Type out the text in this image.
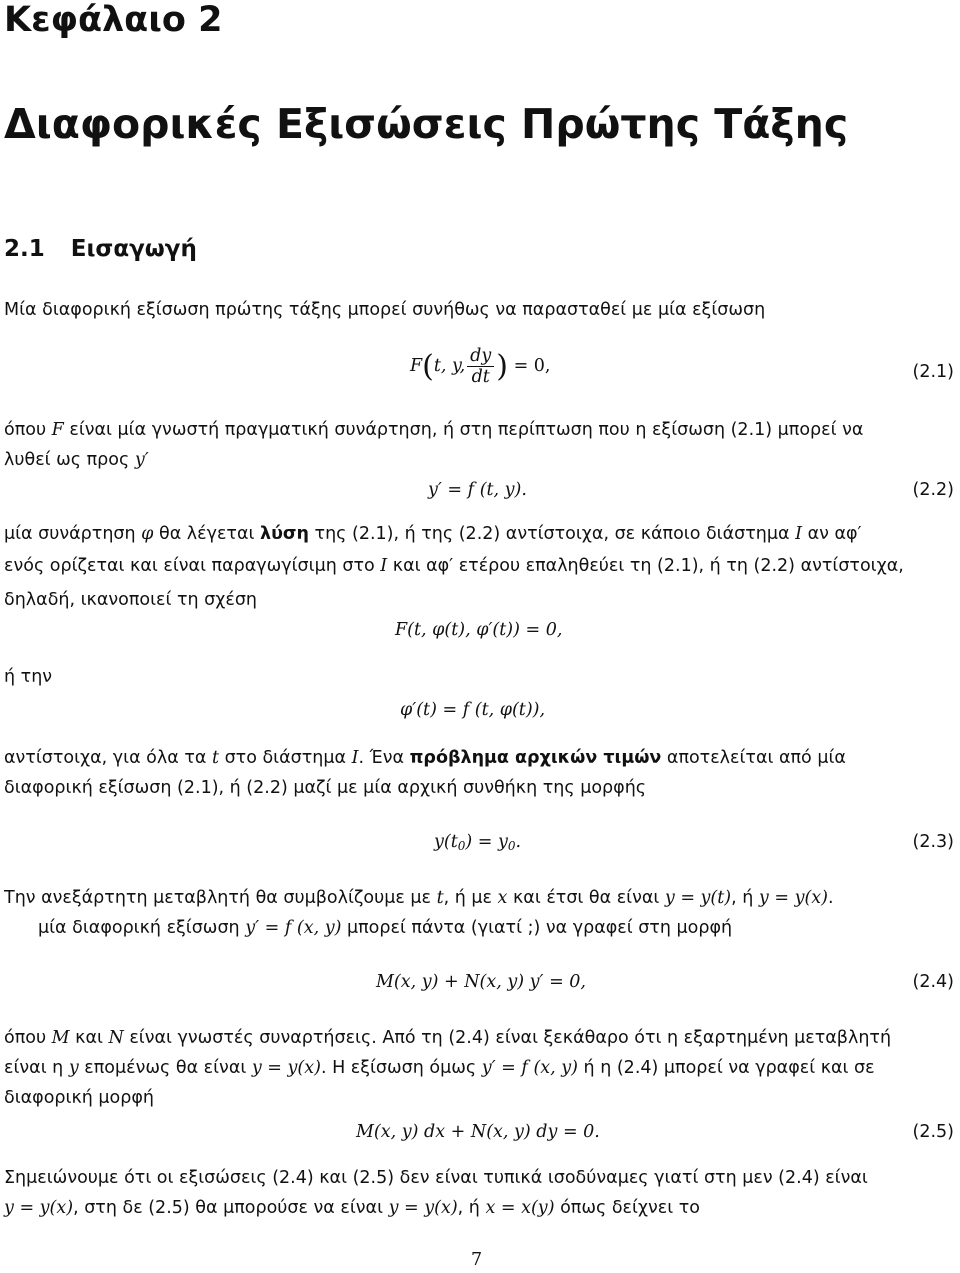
Κεφάλαιο 2
Διαφορικές Εξισώσεις Πρώτης Τάξης
2.1 Εισαγωγή
Μία διαφορική εξίσωση πρώτης τάξης μπορεί συνήθως να παρασταθεί με μία εξίσωση
F(t, y, $\frac{dy}{dt}$ ) = 0,	(2.1)
όπου F είναι μία γνωστή πραγματική συνάρτηση, ή στη περίπτωση που η εξίσωση (2.1) μπορεί να
λυθεί ως προς y′
y′ = f (t, y).	(2.2)
μία συνάρτηση φ θα λέγεται λύση της (2.1), ή της (2.2) αντίστοιχα, σε κάποιο διάστημα I αν αφ′
ενός ορίζεται και είναι παραγωγίσιμη στο I και αφ′ ετέρου επαληθεύει τη (2.1), ή τη (2.2) αντίστοιχα,
δηλαδή, ικανοποιεί τη σχέση
F(t, φ(t), φ′(t)) = 0,
ή την
φ′(t) = f (t, φ(t)),
αντίστοιχα, για όλα τα t στο διάστημα I. Ένα πρόβλημα αρχικών τιμών αποτελείται από μία
διαφορική εξίσωση (2.1), ή (2.2) μαζί με μία αρχική συνθήκη της μορφής
$y(t_0) = y_0$.	(2.3)
Την ανεξάρτητη μεταβλητή θα συμβολίζουμε με t, ή με x και έτσι θα είναι y = y(t), ή y = y(x).
μία διαφορική εξίσωση y′ = f (x, y) μπορεί πάντα (γιατί ;) να γραφεί στη μορφή
M(x, y) + N(x, y) y′ = 0,	(2.4)
όπου M και N είναι γνωστές συναρτήσεις. Από τη (2.4) είναι ξεκάθαρο ότι η εξαρτημένη μεταβλητή
είναι η y επομένως θα είναι y = y(x). Η εξίσωση όμως y′ = f (x, y) ή η (2.4) μπορεί να γραφεί και σε
διαφορική μορφή
M(x, y) dx + N(x, y) dy = 0.	(2.5)
Σημειώνουμε ότι οι εξισώσεις (2.4) και (2.5) δεν είναι τυπικά ισοδύναμες γιατί στη μεν (2.4) είναι
y = y(x), στη δε (2.5) θα μπορούσε να είναι y = y(x), ή x = x(y) όπως δείχνει το
7
